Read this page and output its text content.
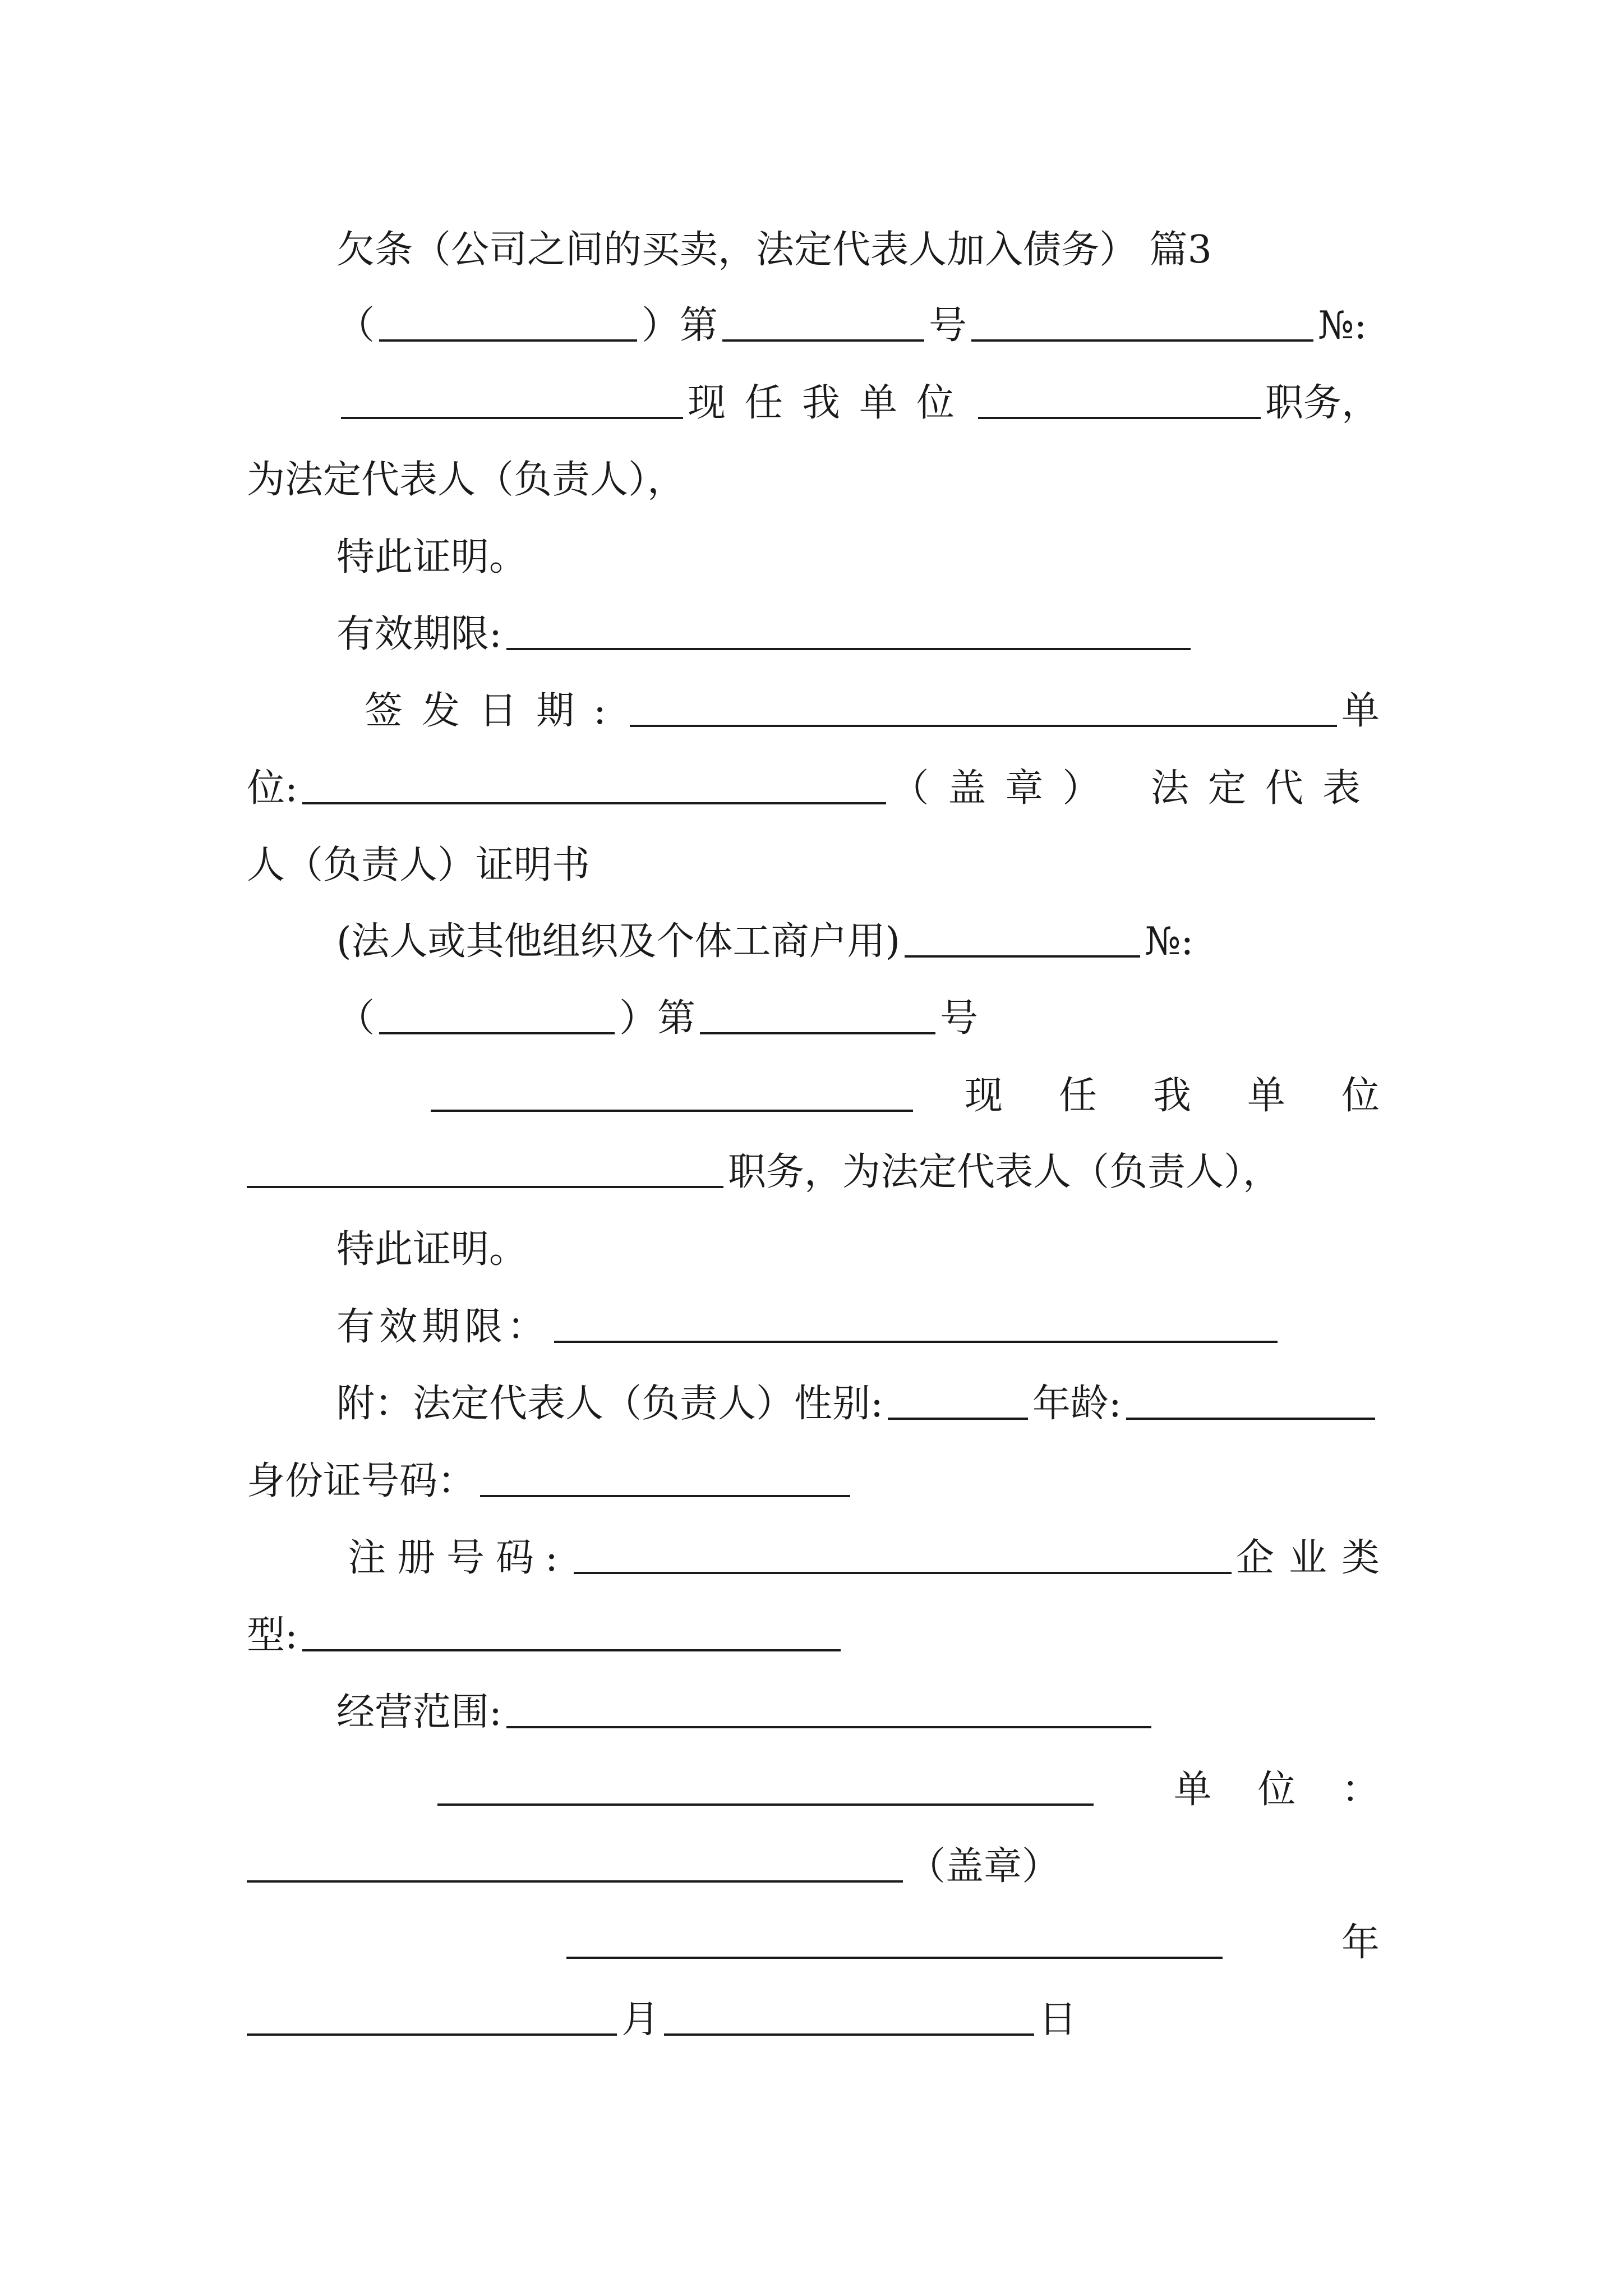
欠条（公司之间的买卖，法定代表人加入债务） 篇3
（	）第	号	№:
现任我单位	职务，
为法定代表人（负责人），
特此证明。
有效期限:
签发日期:	单
位:	（盖章） 法定代表
人（负责人）证明书
(法人或其他组织及个体工商户用)	№:
（	）第	号
现任我单位
职务，为法定代表人（负责人），
特此证明。
有效期限：
附：法定代表人（负责人）性别:	年龄:
身份证号码：
注册号码:	企业类
型:
经营范围:
单 位 ：
（盖章）
年
月	日
